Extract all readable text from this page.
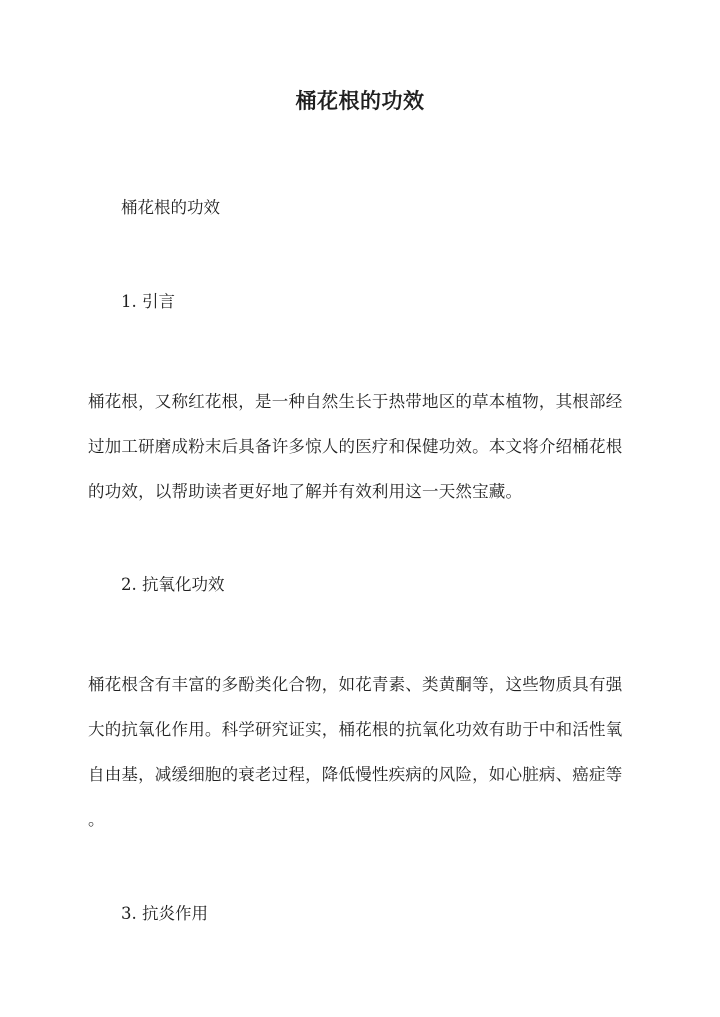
桶花根的功效
桶花根的功效
1. 引言
桶花根，又称红花根，是一种自然生长于热带地区的草本植物，其根部经
过加工研磨成粉末后具备许多惊人的医疗和保健功效。本文将介绍桶花根
的功效，以帮助读者更好地了解并有效利用这一天然宝藏。
2. 抗氧化功效
桶花根含有丰富的多酚类化合物，如花青素、类黄酮等，这些物质具有强
大的抗氧化作用。科学研究证实，桶花根的抗氧化功效有助于中和活性氧
自由基，减缓细胞的衰老过程，降低慢性疾病的风险，如心脏病、癌症等
。
3. 抗炎作用
